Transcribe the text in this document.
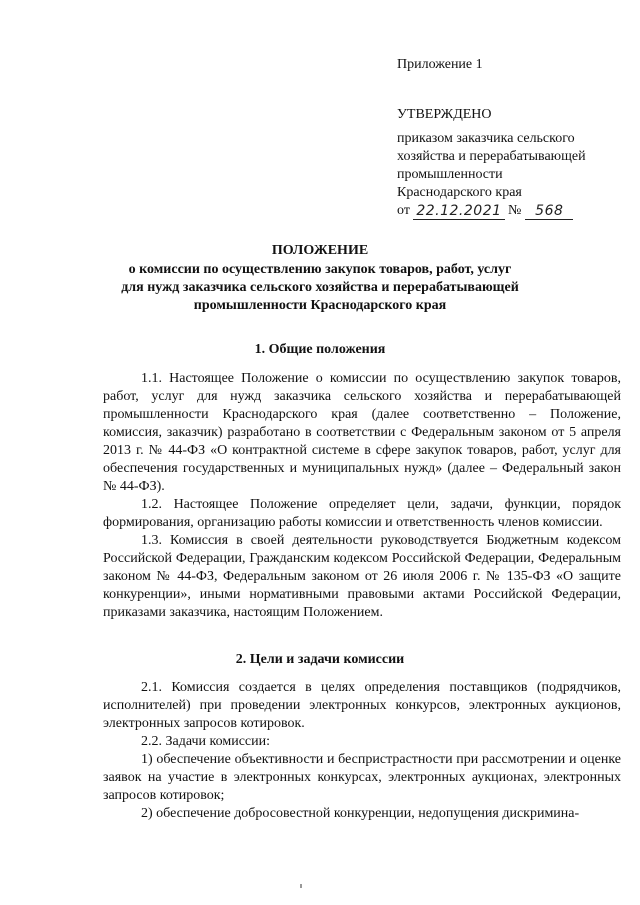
Приложение 1

УТВЕРЖДЕНО

приказом заказчика сельского

хозяйства и перерабатывающей

промышленности

Краснодарского края

от 22.12.2021 № 568

ПОЛОЖЕНИЕ

о комиссии по осуществлению закупок товаров, работ, услуг

для нужд заказчика сельского хозяйства и перерабатывающей

промышленности Краснодарского края

1. Общие положения

1.1. Настоящее Положение о комиссии по осуществлению закупок товаров, работ, услуг для нужд заказчика сельского хозяйства и перерабатывающей промышленности Краснодарского края (далее соответственно – Положение, комиссия, заказчик) разработано в соответствии с Федеральным законом от 5 апреля 2013 г. № 44-ФЗ «О контрактной системе в сфере закупок товаров, работ, услуг для обеспечения государственных и муниципальных нужд» (далее – Федеральный закон № 44-ФЗ).

1.2. Настоящее Положение определяет цели, задачи, функции, порядок формирования, организацию работы комиссии и ответственность членов комиссии.

1.3. Комиссия в своей деятельности руководствуется Бюджетным кодексом Российской Федерации, Гражданским кодексом Российской Федерации, Федеральным законом № 44-ФЗ, Федеральным законом от 26 июля 2006 г. № 135-ФЗ «О защите конкуренции», иными нормативными правовыми актами Российской Федерации, приказами заказчика, настоящим Положением.

2. Цели и задачи комиссии

2.1. Комиссия создается в целях определения поставщиков (подрядчиков, исполнителей) при проведении электронных конкурсов, электронных аукционов, электронных запросов котировок.

2.2. Задачи комиссии:

1) обеспечение объективности и беспристрастности при рассмотрении и оценке заявок на участие в электронных конкурсах, электронных аукционах, электронных запросов котировок;

2) обеспечение добросовестной конкуренции, недопущения дискримина-
